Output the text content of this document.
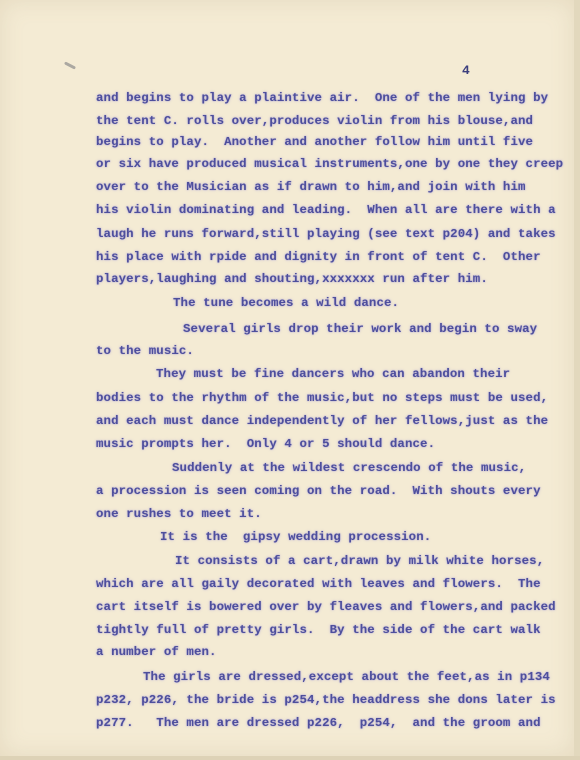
4
and begins to play a plaintive air.  One of the men lying by
the tent C. rolls over,produces violin from his blouse,and
begins to play.  Another and another follow him until five
or six have produced musical instruments,one by one they creep
over to the Musician as if drawn to him,and join with him
his violin dominating and leading.  When all are there with a
laugh he runs forward,still playing (see text p204) and takes
his place with rpide and dignity in front of tent C.  Other
players,laughing and shouting,xxxxxxx run after him.
The tune becomes a wild dance.
Several girls drop their work and begin to sway
to the music.
They must be fine dancers who can abandon their
bodies to the rhythm of the music,but no steps must be used,
and each must dance independently of her fellows,just as the
music prompts her.  Only 4 or 5 should dance.
Suddenly at the wildest crescendo of the music,
a procession is seen coming on the road.  With shouts every
one rushes to meet it.
It is the  gipsy wedding procession.
It consists of a cart,drawn by milk white horses,
which are all gaily decorated with leaves and flowers.  The
cart itself is bowered over by fleaves and flowers,and packed
tightly full of pretty girls.  By the side of the cart walk
a number of men.
The girls are dressed,except about the feet,as in p134
p232, p226, the bride is p254,the headdress she dons later is
p277.   The men are dressed p226,  p254,  and the groom and
